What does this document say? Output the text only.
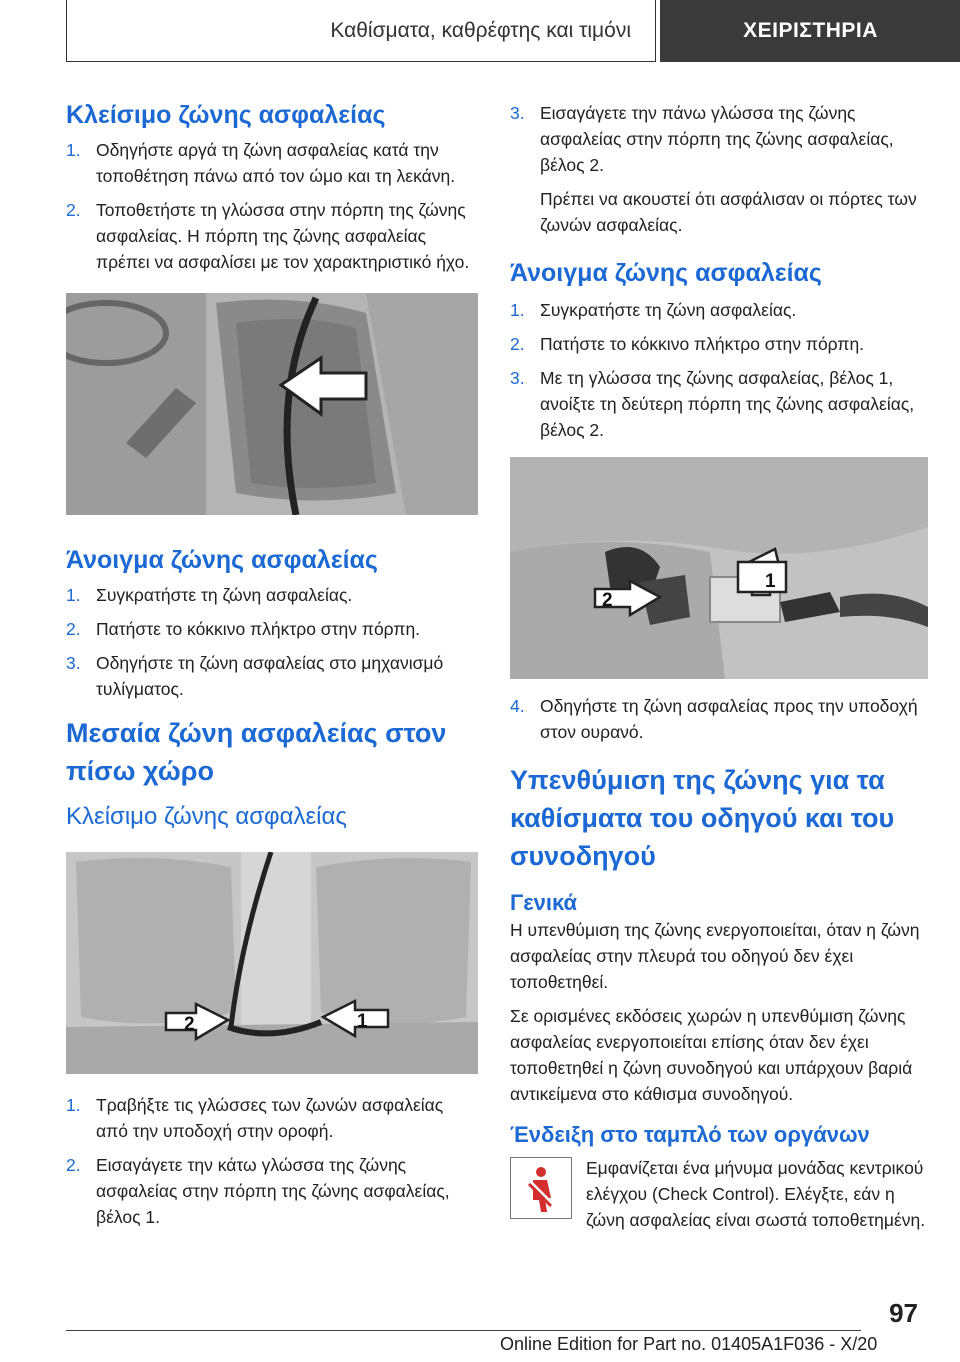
Καθίσματα, καθρέφτης και τιμόνι	ΧΕΙΡΙΣΤΗΡΙΑ
Κλείσιμο ζώνης ασφαλείας
1. Οδηγήστε αργά τη ζώνη ασφαλείας κατά την τοποθέτηση πάνω από τον ώμο και τη λεκάνη.
2. Τοποθετήστε τη γλώσσα στην πόρπη της ζώνης ασφαλείας. Η πόρπη της ζώνης ασφαλείας πρέπει να ασφαλίσει με τον χαρακτηριστικό ήχο.
Άνοιγμα ζώνης ασφαλείας
1. Συγκρατήστε τη ζώνη ασφαλείας.
2. Πατήστε το κόκκινο πλήκτρο στην πόρπη.
3. Οδηγήστε τη ζώνη ασφαλείας στο μηχανισμό τυλίγματος.
Μεσαία ζώνη ασφαλείας στον πίσω χώρο
Κλείσιμο ζώνης ασφαλείας
2	1
1. Τραβήξτε τις γλώσσες των ζωνών ασφαλείας από την υποδοχή στην οροφή.
2. Εισαγάγετε την κάτω γλώσσα της ζώνης ασφαλείας στην πόρπη της ζώνης ασφαλείας, βέλος 1.
3. Εισαγάγετε την πάνω γλώσσα της ζώνης ασφαλείας στην πόρπη της ζώνης ασφαλείας, βέλος 2.

Πρέπει να ακουστεί ότι ασφάλισαν οι πόρτες των ζωνών ασφαλείας.

Άνοιγμα ζώνης ασφαλείας
1. Συγκρατήστε τη ζώνη ασφαλείας.
2. Πατήστε το κόκκινο πλήκτρο στην πόρπη.
3. Με τη γλώσσα της ζώνης ασφαλείας, βέλος 1, ανοίξτε τη δεύτερη πόρπη της ζώνης ασφαλείας, βέλος 2.
2
1
4. Οδηγήστε τη ζώνη ασφαλείας προς την υποδοχή στον ουρανό.
Υπενθύμιση της ζώνης για τα καθίσματα του οδηγού και του συνοδηγού
Γενικά

Η υπενθύμιση της ζώνης ενεργοποιείται, όταν η ζώνη ασφαλείας στην πλευρά του οδηγού δεν έχει τοποθετηθεί.

Σε ορισμένες εκδόσεις χωρών η υπενθύμιση ζώνης ασφαλείας ενεργοποιείται επίσης όταν δεν έχει τοποθετηθεί η ζώνη συνοδηγού και υπάρχουν βαριά αντικείμενα στο κάθισμα συνοδηγού.

Ένδειξη στο ταμπλό των οργάνων

Εμφανίζεται ένα μήνυμα μονάδας κεντρικού ελέγχου (Check Control). Ελέγξτε, εάν η ζώνη ασφαλείας είναι σωστά τοποθετημένη.

97
Online Edition for Part no. 01405A1F036 - X/20
